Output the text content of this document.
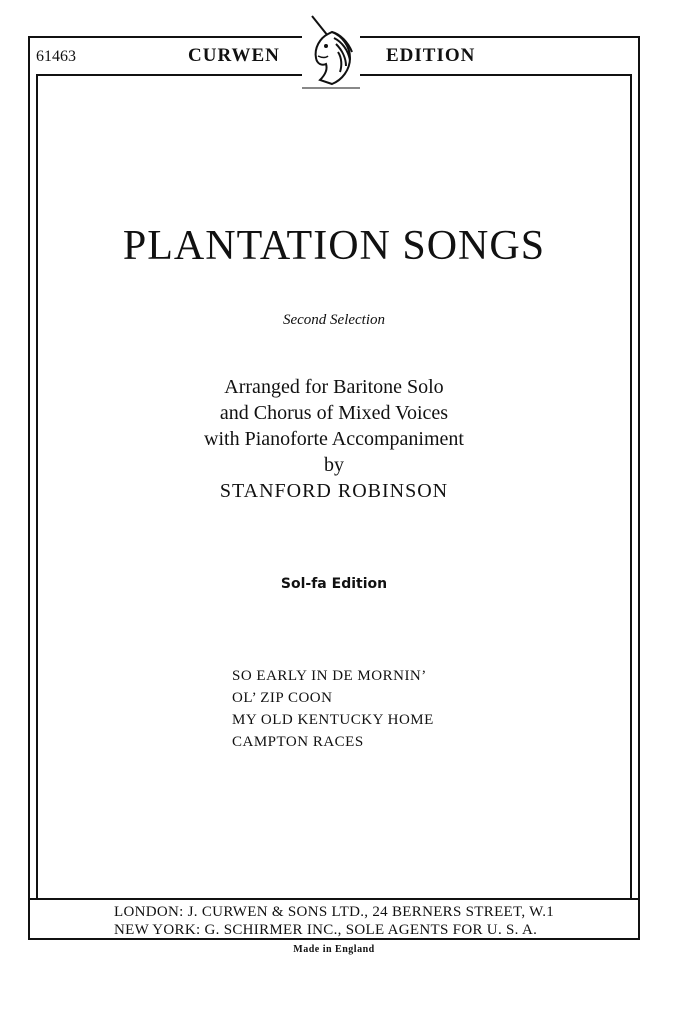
61463	CURWEN	EDITION
PLANTATION SONGS
Second Selection
Arranged for Baritone Solo
and Chorus of Mixed Voices
with Pianoforte Accompaniment
by
STANFORD ROBINSON
Sol-fa Edition
SO EARLY IN DE MORNIN’
OL’ ZIP COON
MY OLD KENTUCKY HOME
CAMPTON RACES
LONDON: J. CURWEN & SONS LTD., 24 BERNERS STREET, W.1
NEW YORK: G. SCHIRMER INC., SOLE AGENTS FOR U. S. A.
Made in England
